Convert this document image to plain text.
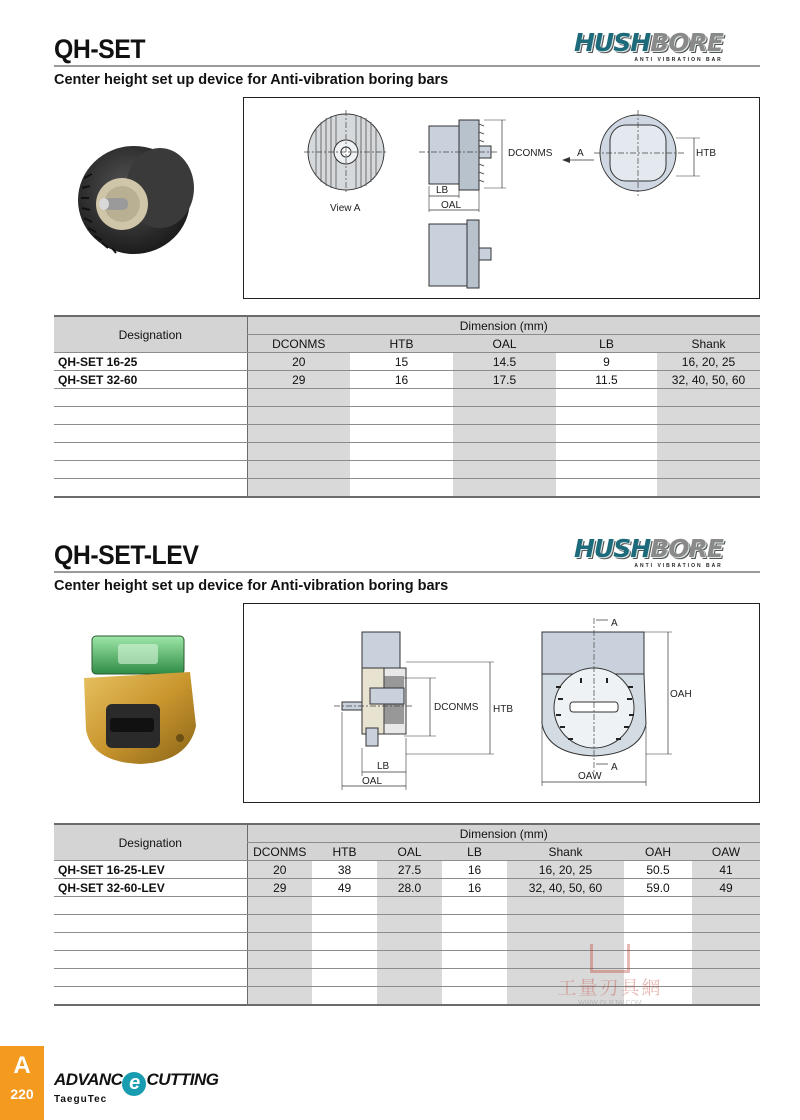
QH-SET	HUSHBORE
ANTI VIBRATION BAR
Center height set up device for Anti-vibration boring bars
View A
DCONMS
LB
OAL
A	HTB
Designation	Dimension (mm)				
	DCONMS	HTB	OAL	LB	Shank
QH-SET 16-25	20	15	14.5	9	16, 20, 25
QH-SET 32-60	29	16	17.5	11.5	32, 40, 50, 60

QH-SET-LEV	HUSHBORE
ANTI VIBRATION BAR
Center height set up device for Anti-vibration boring bars
DCONMS HTB
LB
OAL
A
OAH
A
OAW
Designation	Dimension (mm)						
	DCONMS	HTB	OAL	LB	Shank	OAH	OAW
QH-SET 16-25-LEV	20	38	27.5	16	16, 20, 25	50.5	41
QH-SET 32-60-LEV	29	49	28.0	16	32, 40, 50, 60	59.0	49

工量刃具網
WWW.GLRJW.COM
A
220
ADVANC e CUTTING
TaeguTec
